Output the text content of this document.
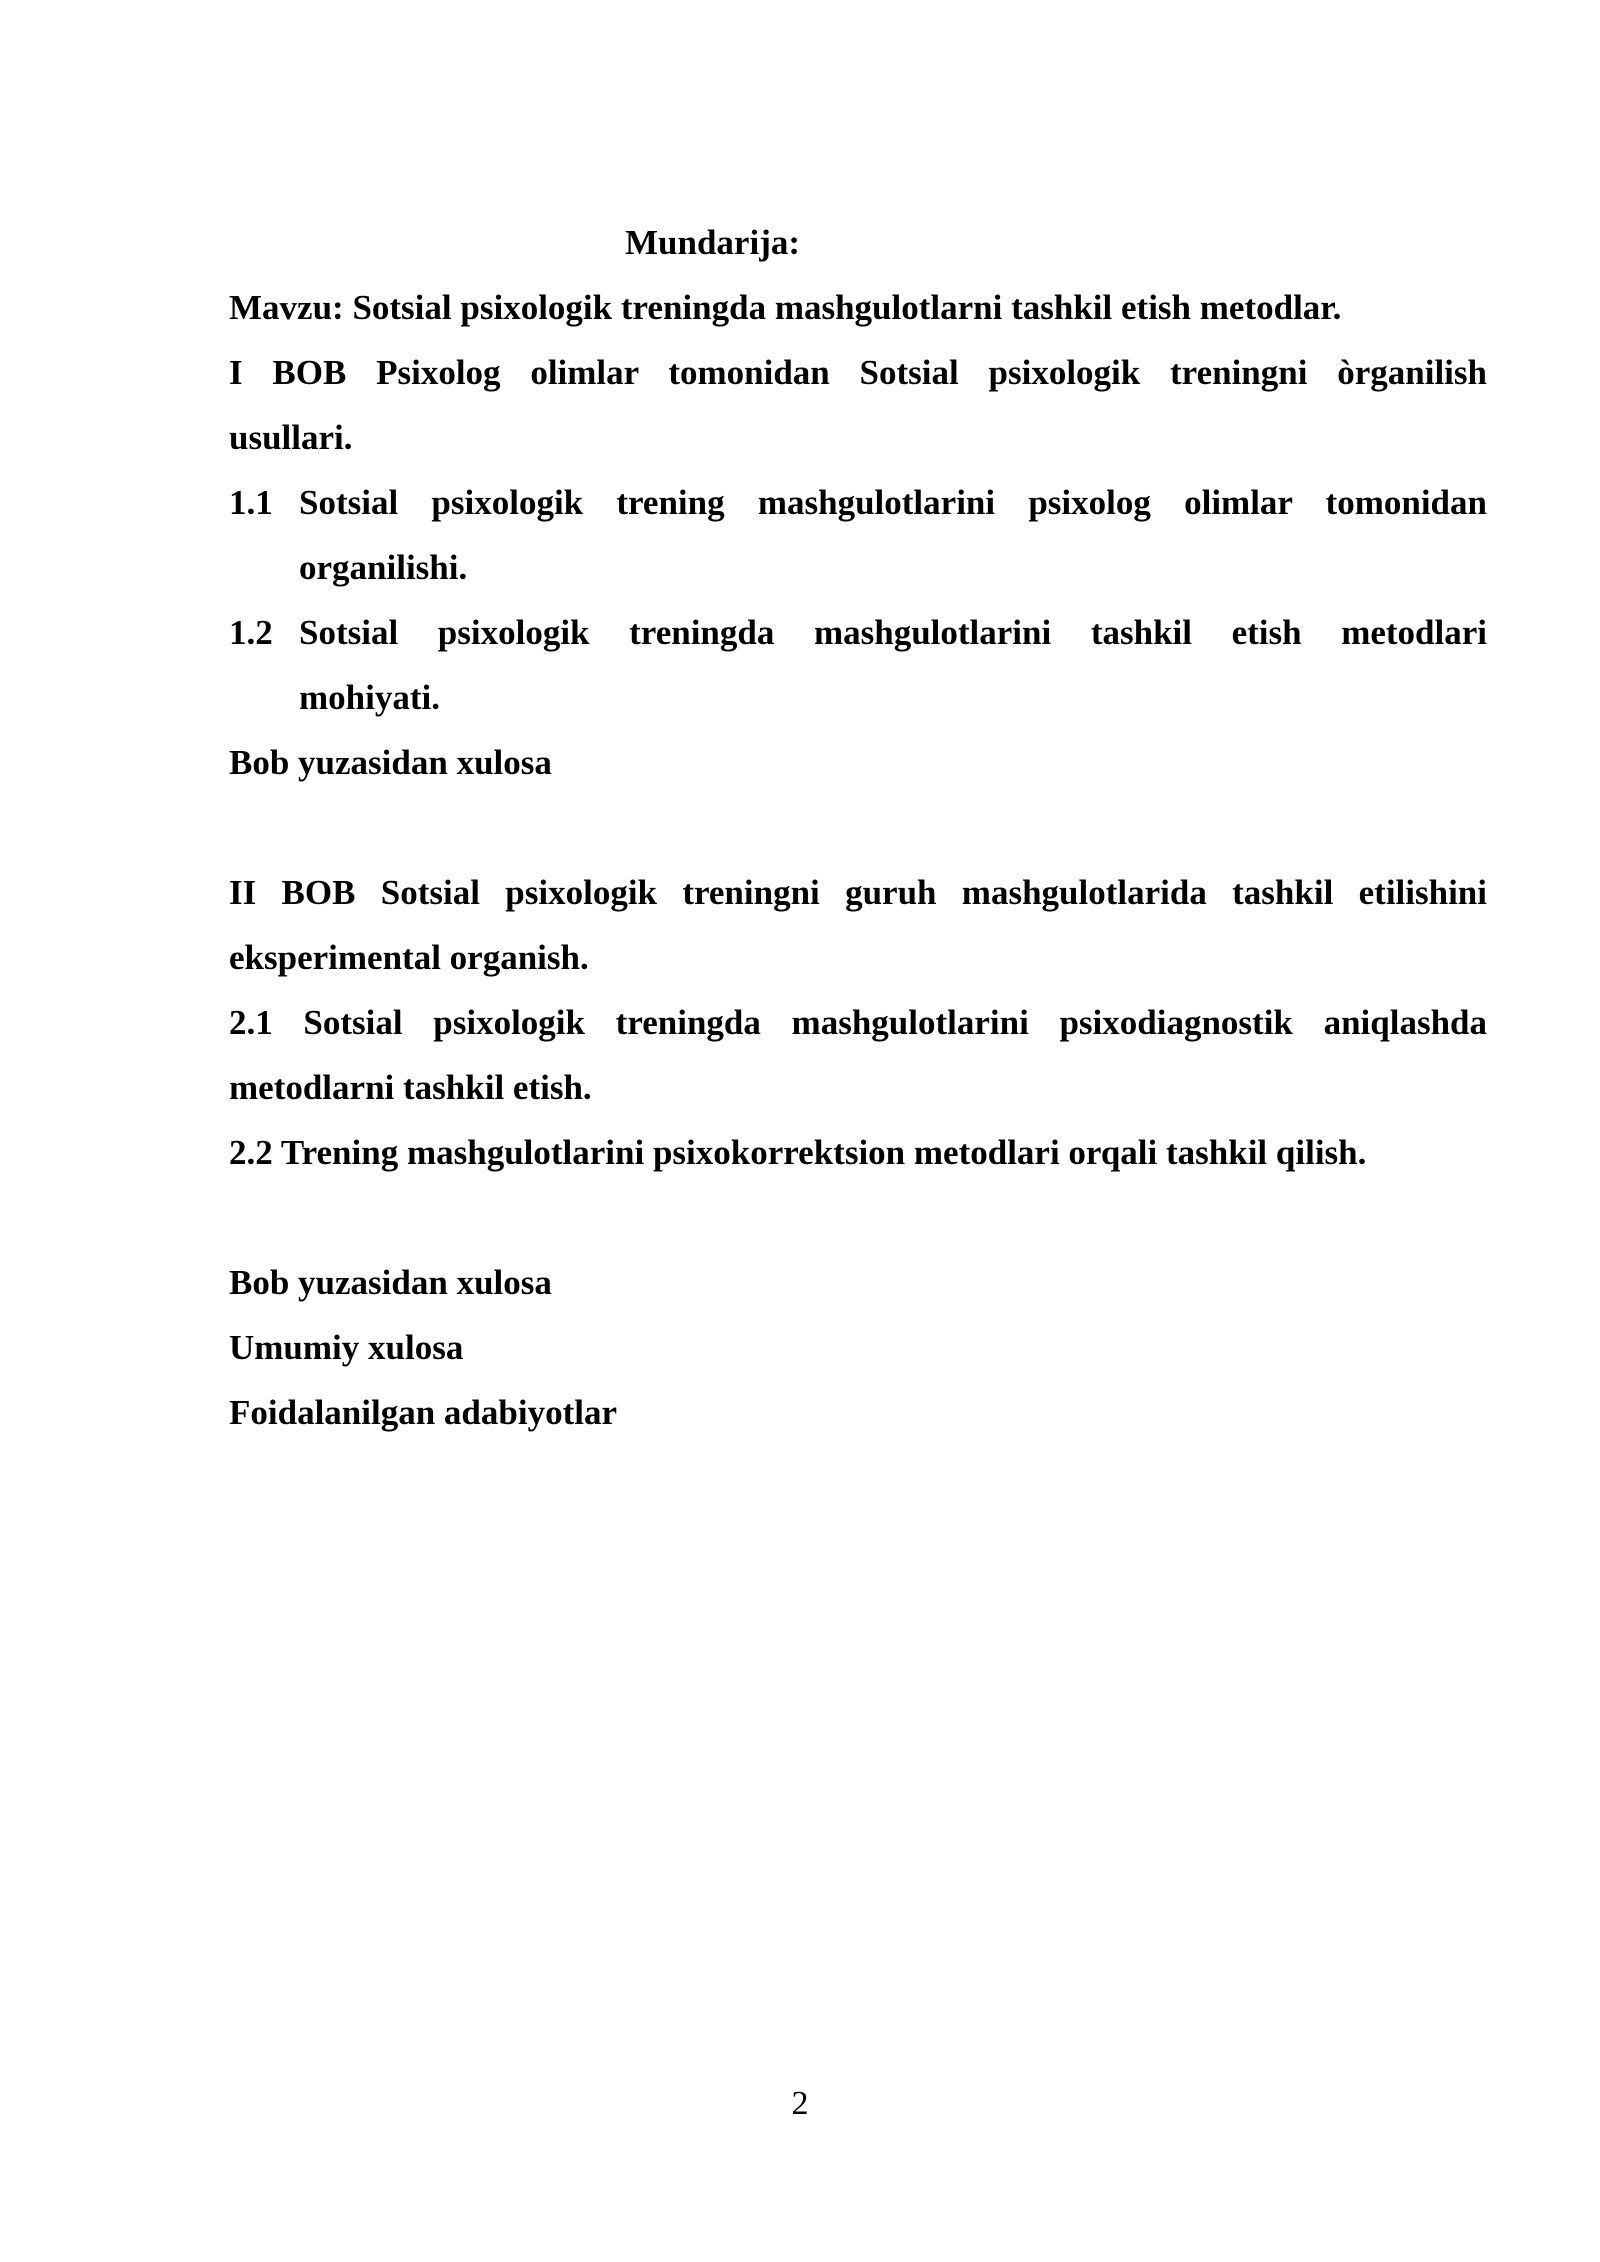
Mundarija:
Mavzu: Sotsial psixologik treningda mashgulotlarni tashkil etish metodlar.
I BOB Psixolog olimlar tomonidan Sotsial psixologik treningni òrganilish
usullari.
1.1 Sotsial psixologik trening mashgulotlarini psixolog olimlar tomonidan
organilishi.
1.2 Sotsial psixologik treningda mashgulotlarini tashkil etish metodlari
mohiyati.
Bob yuzasidan xulosa
II BOB Sotsial psixologik treningni guruh mashgulotlarida tashkil etilishini
eksperimental organish.
2.1 Sotsial psixologik treningda mashgulotlarini psixodiagnostik aniqlashda
metodlarni tashkil etish.
2.2 Trening mashgulotlarini psixokorrektsion metodlari orqali tashkil qilish.
Bob yuzasidan xulosa
Umumiy xulosa
Foidalanilgan adabiyotlar
2
